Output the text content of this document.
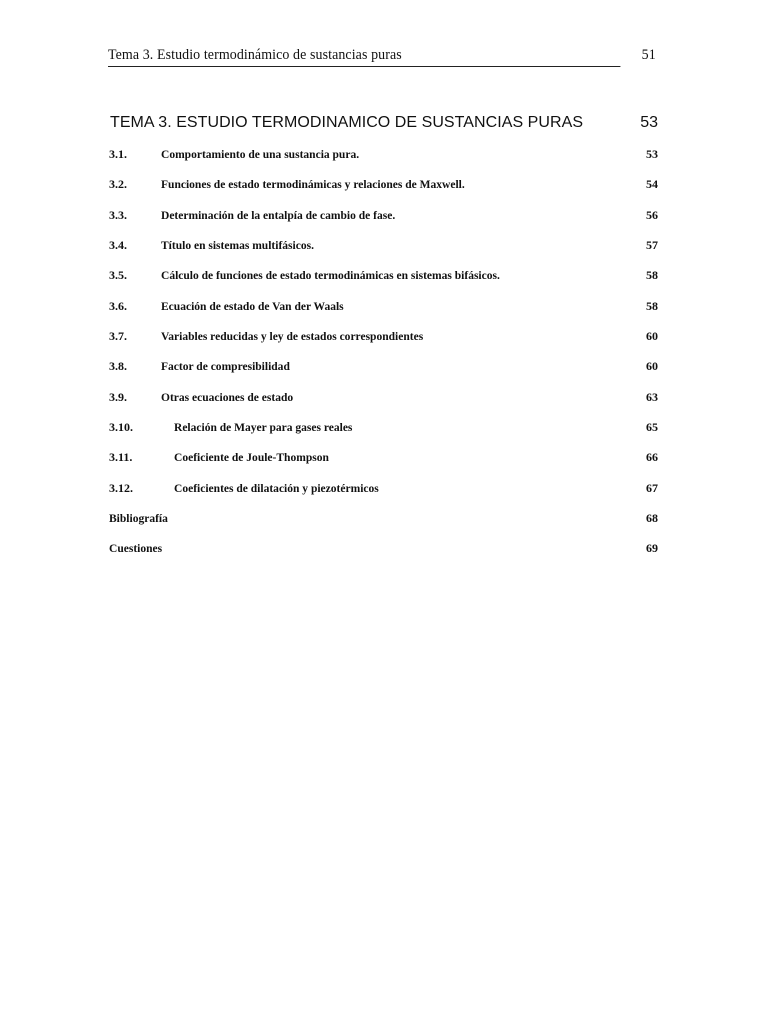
Tema 3. Estudio termodinámico de sustancias puras	51
TEMA 3. ESTUDIO TERMODINAMICO DE SUSTANCIAS PURAS	53
3.1.	Comportamiento de una sustancia pura.	53
3.2.	Funciones de estado termodinámicas y relaciones de Maxwell.	54
3.3.	Determinación de la entalpía de cambio de fase.	56
3.4.	Título en sistemas multifásicos.	57
3.5.	Cálculo de funciones de estado termodinámicas en sistemas bifásicos.	58
3.6.	Ecuación de estado de Van der Waals	58
3.7.	Variables reducidas y ley de estados correspondientes	60
3.8.	Factor de compresibilidad	60
3.9.	Otras ecuaciones de estado	63
3.10.	Relación de Mayer para gases reales	65
3.11.	Coeficiente de Joule-Thompson	66
3.12.	Coeficientes de dilatación y piezotérmicos	67
Bibliografía	68
Cuestiones	69
